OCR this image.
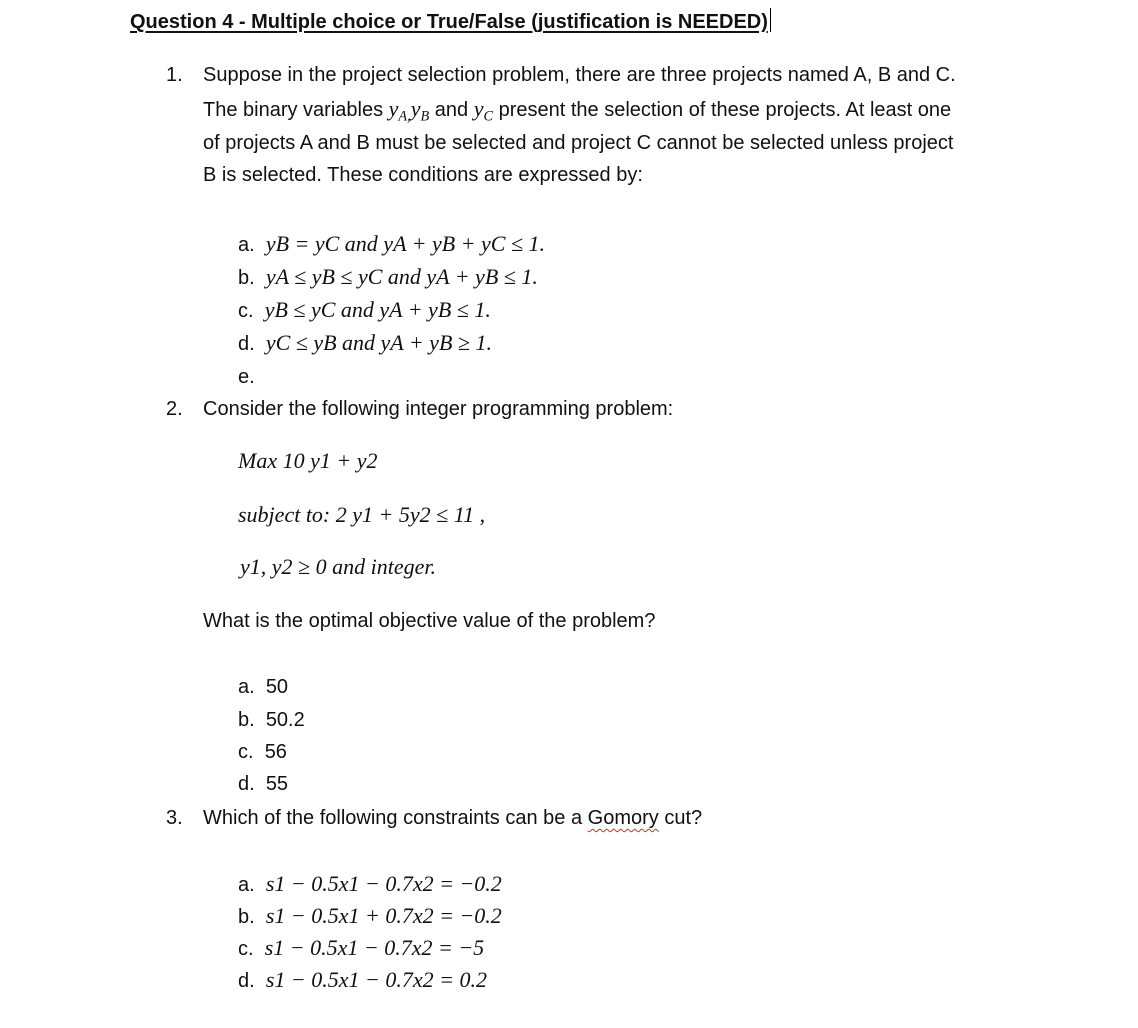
Question 4 - Multiple choice or True/False (justification is NEEDED)
1. Suppose in the project selection problem, there are three projects named A, B and C.
The binary variables $y_{A,}y_B$ and $y_C$ present the selection of these projects. At least one
of projects A and B must be selected and project C cannot be selected unless project
B is selected. These conditions are expressed by:
a. yB = yC and yA + yB + yC ≤ 1.
b. yA ≤ yB ≤ yC and yA + yB ≤ 1.
c. yB ≤ yC and yA + yB ≤ 1.
d. yC ≤ yB and yA + yB ≥ 1.
e.
2. Consider the following integer programming problem:
Max 10 y1 + y2
subject to: 2 y1 + 5y2 ≤ 11 ,
y1, y2 ≥ 0 and integer.
What is the optimal objective value of the problem?
a. 50
b. 50.2
c. 56
d. 55
3. Which of the following constraints can be a Gomory cut?
a. s1 − 0.5x1 − 0.7x2 = −0.2
b. s1 − 0.5x1 + 0.7x2 = −0.2
c. s1 − 0.5x1 − 0.7x2 = −5
d. s1 − 0.5x1 − 0.7x2 = 0.2
